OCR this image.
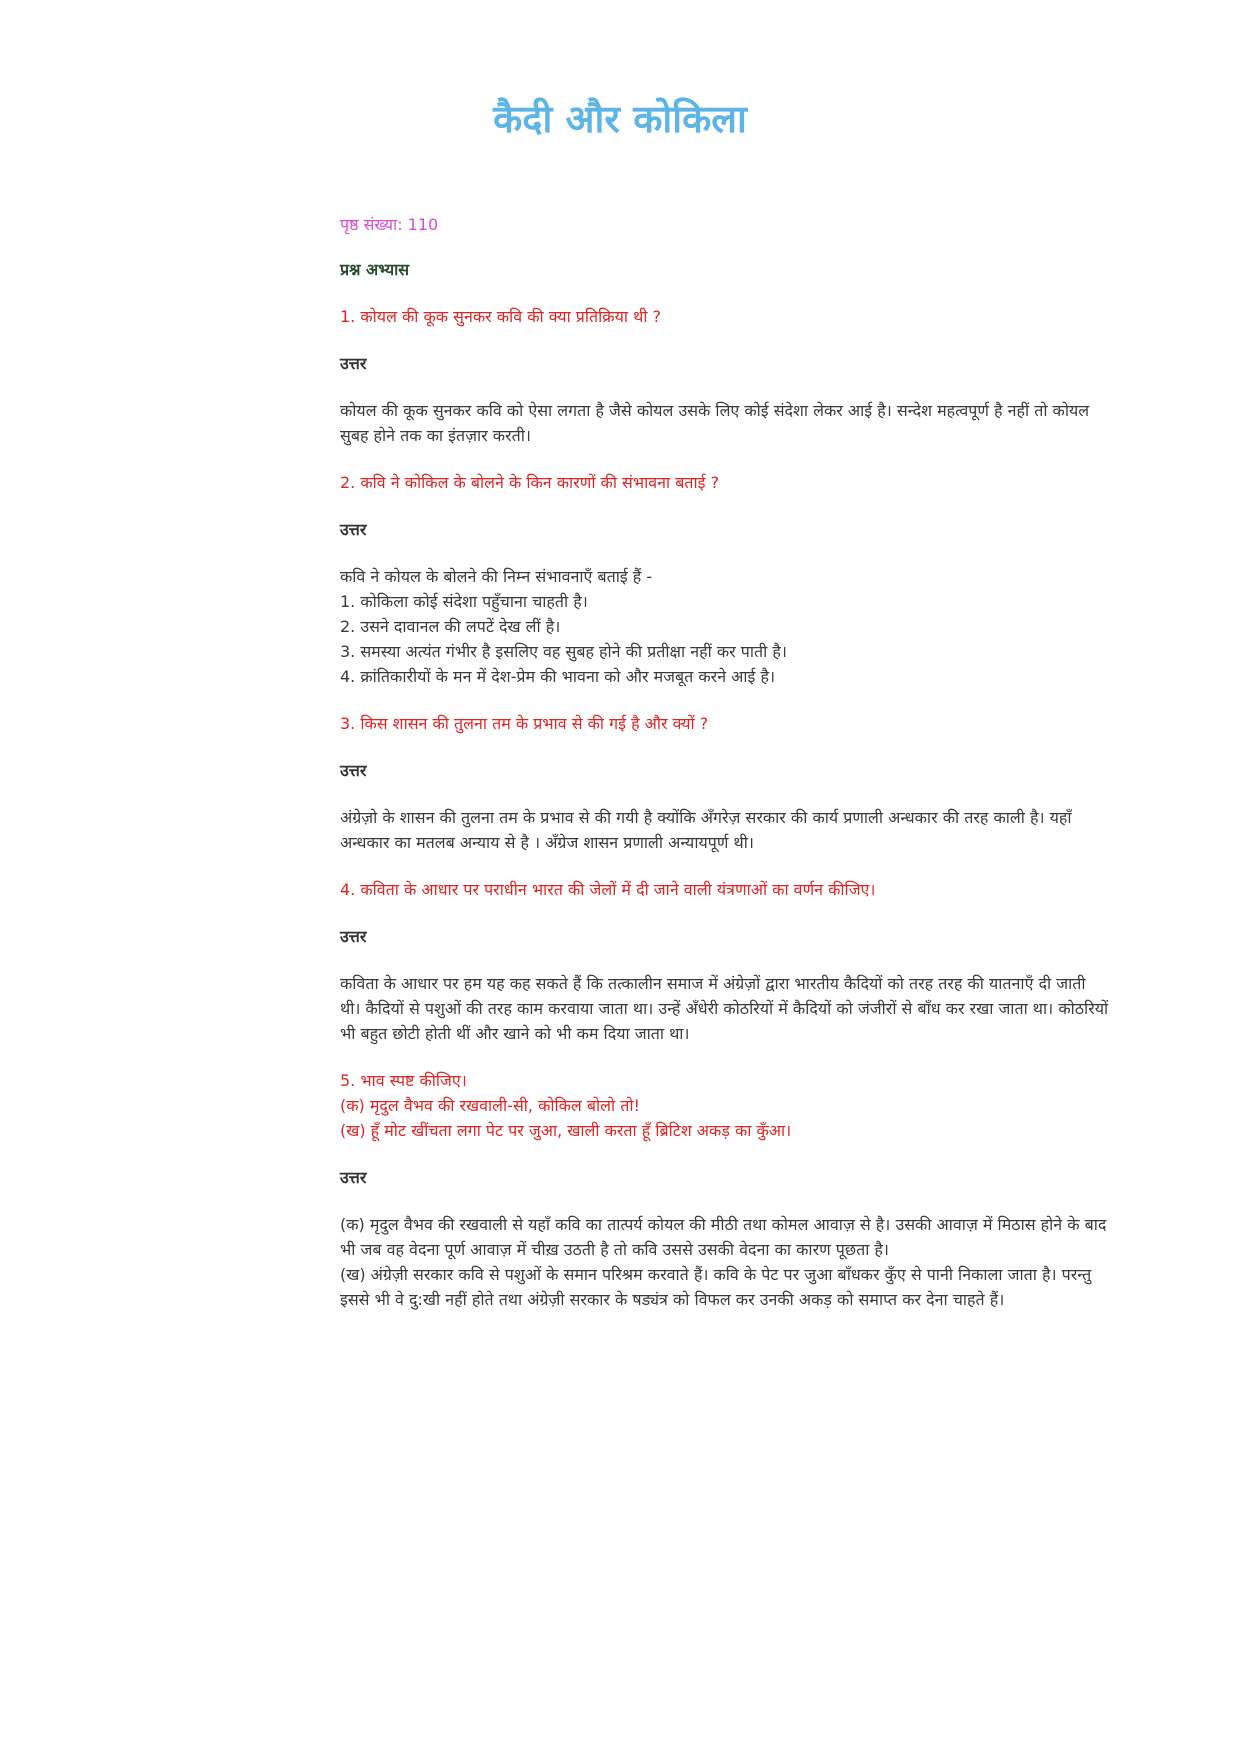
कैदी और कोकिला

पृष्ठ संख्या: 110

प्रश्न अभ्यास

1. कोयल की कूक सुनकर कवि की क्या प्रतिक्रिया थी ?

उत्तर

कोयल की कूक सुनकर कवि को ऐसा लगता है जैसे कोयल उसके लिए कोई संदेशा लेकर आई है। सन्देश महत्वपूर्ण है नहीं तो कोयल सुबह होने तक का इंतज़ार करती।

2. कवि ने कोकिल के बोलने के किन कारणों की संभावना बताई ?

उत्तर

कवि ने कोयल के बोलने की निम्न संभावनाएँ बताई हैं -
1. कोकिला कोई संदेशा पहुँचाना चाहती है।
2. उसने दावानल की लपटें देख लीं है।
3. समस्या अत्यंत गंभीर है इसलिए वह सुबह होने की प्रतीक्षा नहीं कर पाती है।
4. क्रांतिकारीयों के मन में देश-प्रेम की भावना को और मजबूत करने आई है।

3. किस शासन की तुलना तम के प्रभाव से की गई है और क्यों ?

उत्तर

अंग्रेज़ो के शासन की तुलना तम के प्रभाव से की गयी है क्योंकि अँगरेज़ सरकार की कार्य प्रणाली अन्धकार की तरह काली है। यहाँ अन्धकार का मतलब अन्याय से है । अँग्रेज शासन प्रणाली अन्यायपूर्ण थी।

4. कविता के आधार पर पराधीन भारत की जेलों में दी जाने वाली यंत्रणाओं का वर्णन कीजिए।

उत्तर

कविता के आधार पर हम यह कह सकते हैं कि तत्कालीन समाज में अंग्रेज़ों द्वारा भारतीय कैदियों को तरह तरह की यातनाएँ दी जाती थी। कैदियों से पशुओं की तरह काम करवाया जाता था। उन्हें अँधेरी कोठरियों में कैदियों को जंजीरों से बाँध कर रखा जाता था। कोठरियों भी बहुत छोटी होती थीं और खाने को भी कम दिया जाता था।

5. भाव स्पष्ट कीजिए।
(क) मृदुल वैभव की रखवाली-सी, कोकिल बोलो तो!
(ख) हूँ मोट खींचता लगा पेट पर जुआ, खाली करता हूँ ब्रिटिश अकड़ का कुँआ।

उत्तर

(क) मृदुल वैभव की रखवाली से यहाँ कवि का तात्पर्य कोयल की मीठी तथा कोमल आवाज़ से है। उसकी आवाज़ में मिठास होने के बाद भी जब वह वेदना पूर्ण आवाज़ में चीख़ उठती है तो कवि उससे उसकी वेदना का कारण पूछता है।
(ख) अंग्रेज़ी सरकार कवि से पशुओं के समान परिश्रम करवाते हैं। कवि के पेट पर जुआ बाँधकर कुँए से पानी निकाला जाता है। परन्तु इससे भी वे दु:खी नहीं होते तथा अंग्रेज़ी सरकार के षड्यंत्र को विफल कर उनकी अकड़ को समाप्त कर देना चाहते हैं।
